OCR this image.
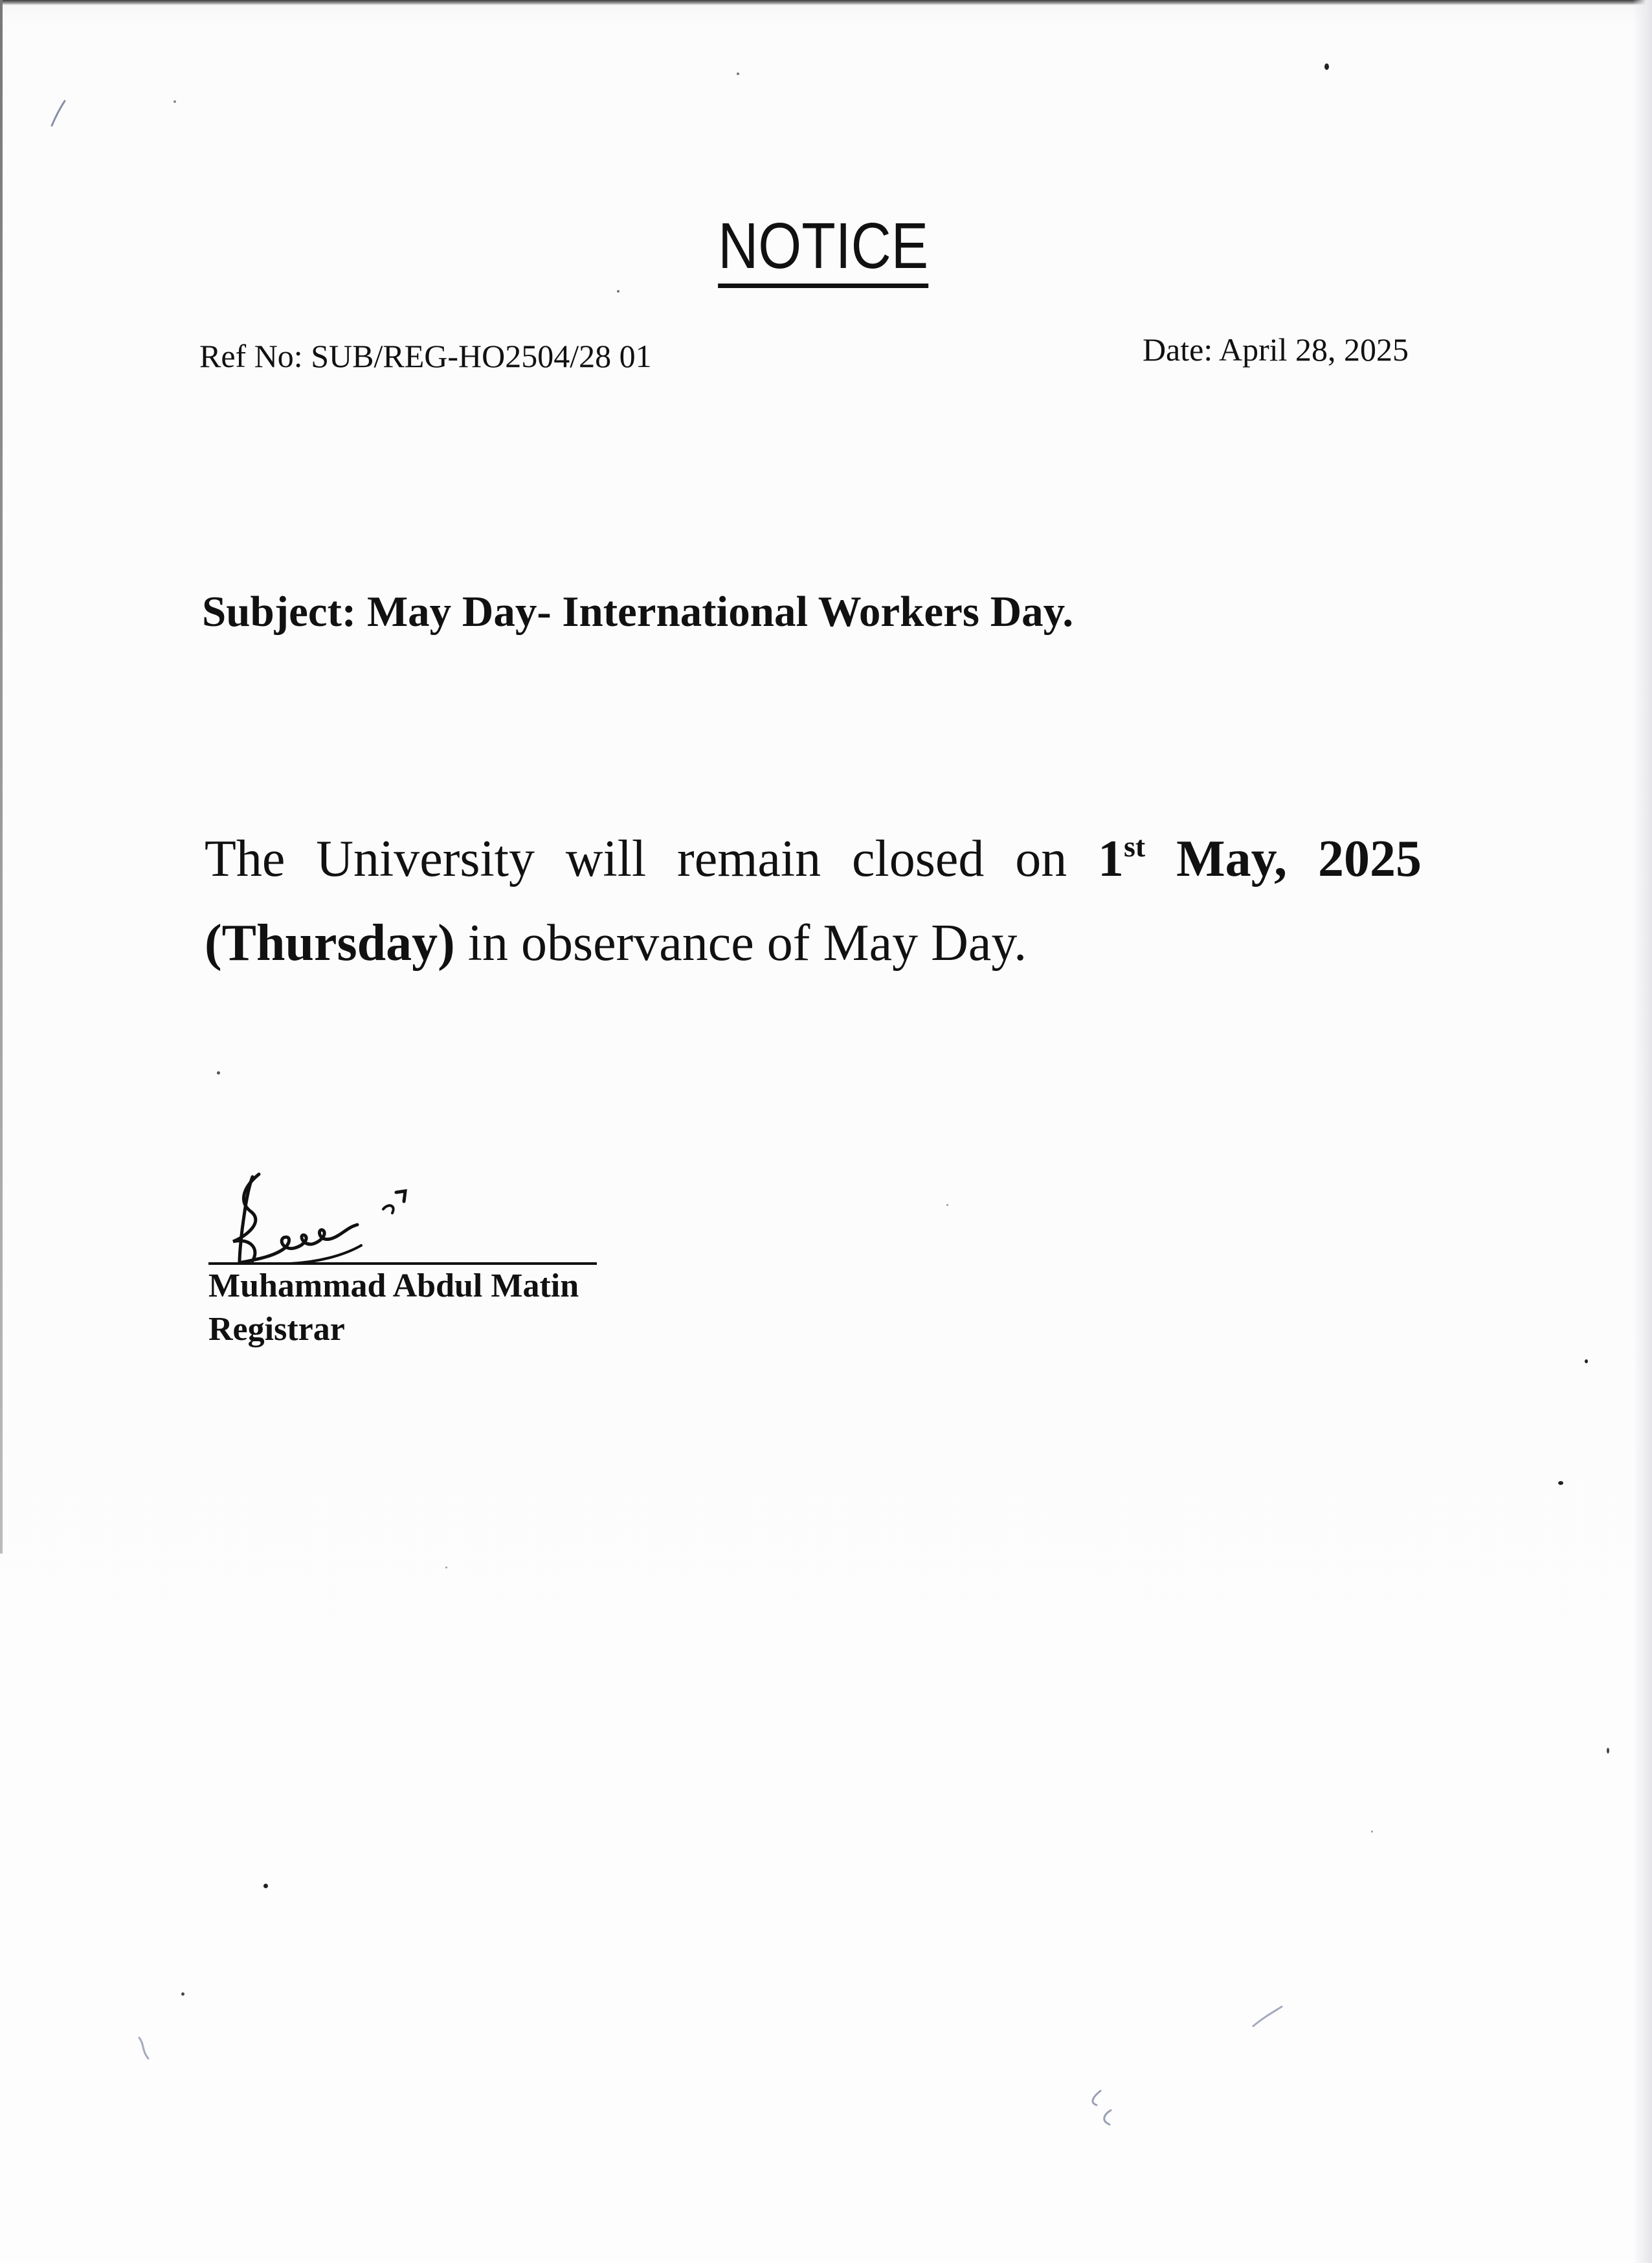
NOTICE
Ref No: SUB/REG-HO2504/28 01	Date: April 28, 2025
Subject: May Day- International Workers Day.
The University will remain closed on 1st May, 2025
(Thursday) in observance of May Day.
Muhammad Abdul Matin
Registrar
